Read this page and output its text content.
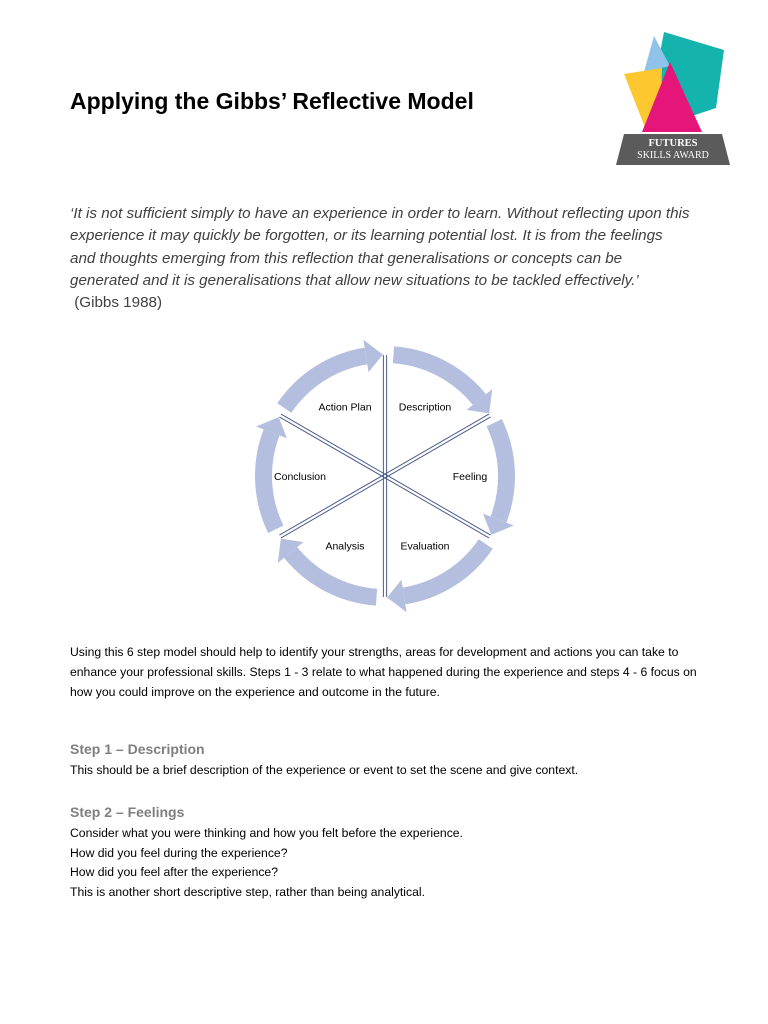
Applying the Gibbs’ Reflective Model
FUTURES
SKILLS AWARD
‘It is not sufficient simply to have an experience in order to learn. Without reflecting upon this experience it may quickly be forgotten, or its learning potential lost. It is from the feelings and thoughts emerging from this reflection that generalisations or concepts can be generated and it is generalisations that allow new situations to be tackled effectively.’  (Gibbs 1988)
Description
Feeling
Evaluation
Analysis
Conclusion
Action Plan
Using this 6 step model should help to identify your strengths, areas for development and actions you can take to enhance your professional skills. Steps 1 - 3 relate to what happened during the experience and steps 4 - 6 focus on how you could improve on the experience and outcome in the future.
Step 1 – Description
This should be a brief description of the experience or event to set the scene and give context.
Step 2 – Feelings
Consider what you were thinking and how you felt before the experience.
How did you feel during the experience?
How did you feel after the experience?
This is another short descriptive step, rather than being analytical.
